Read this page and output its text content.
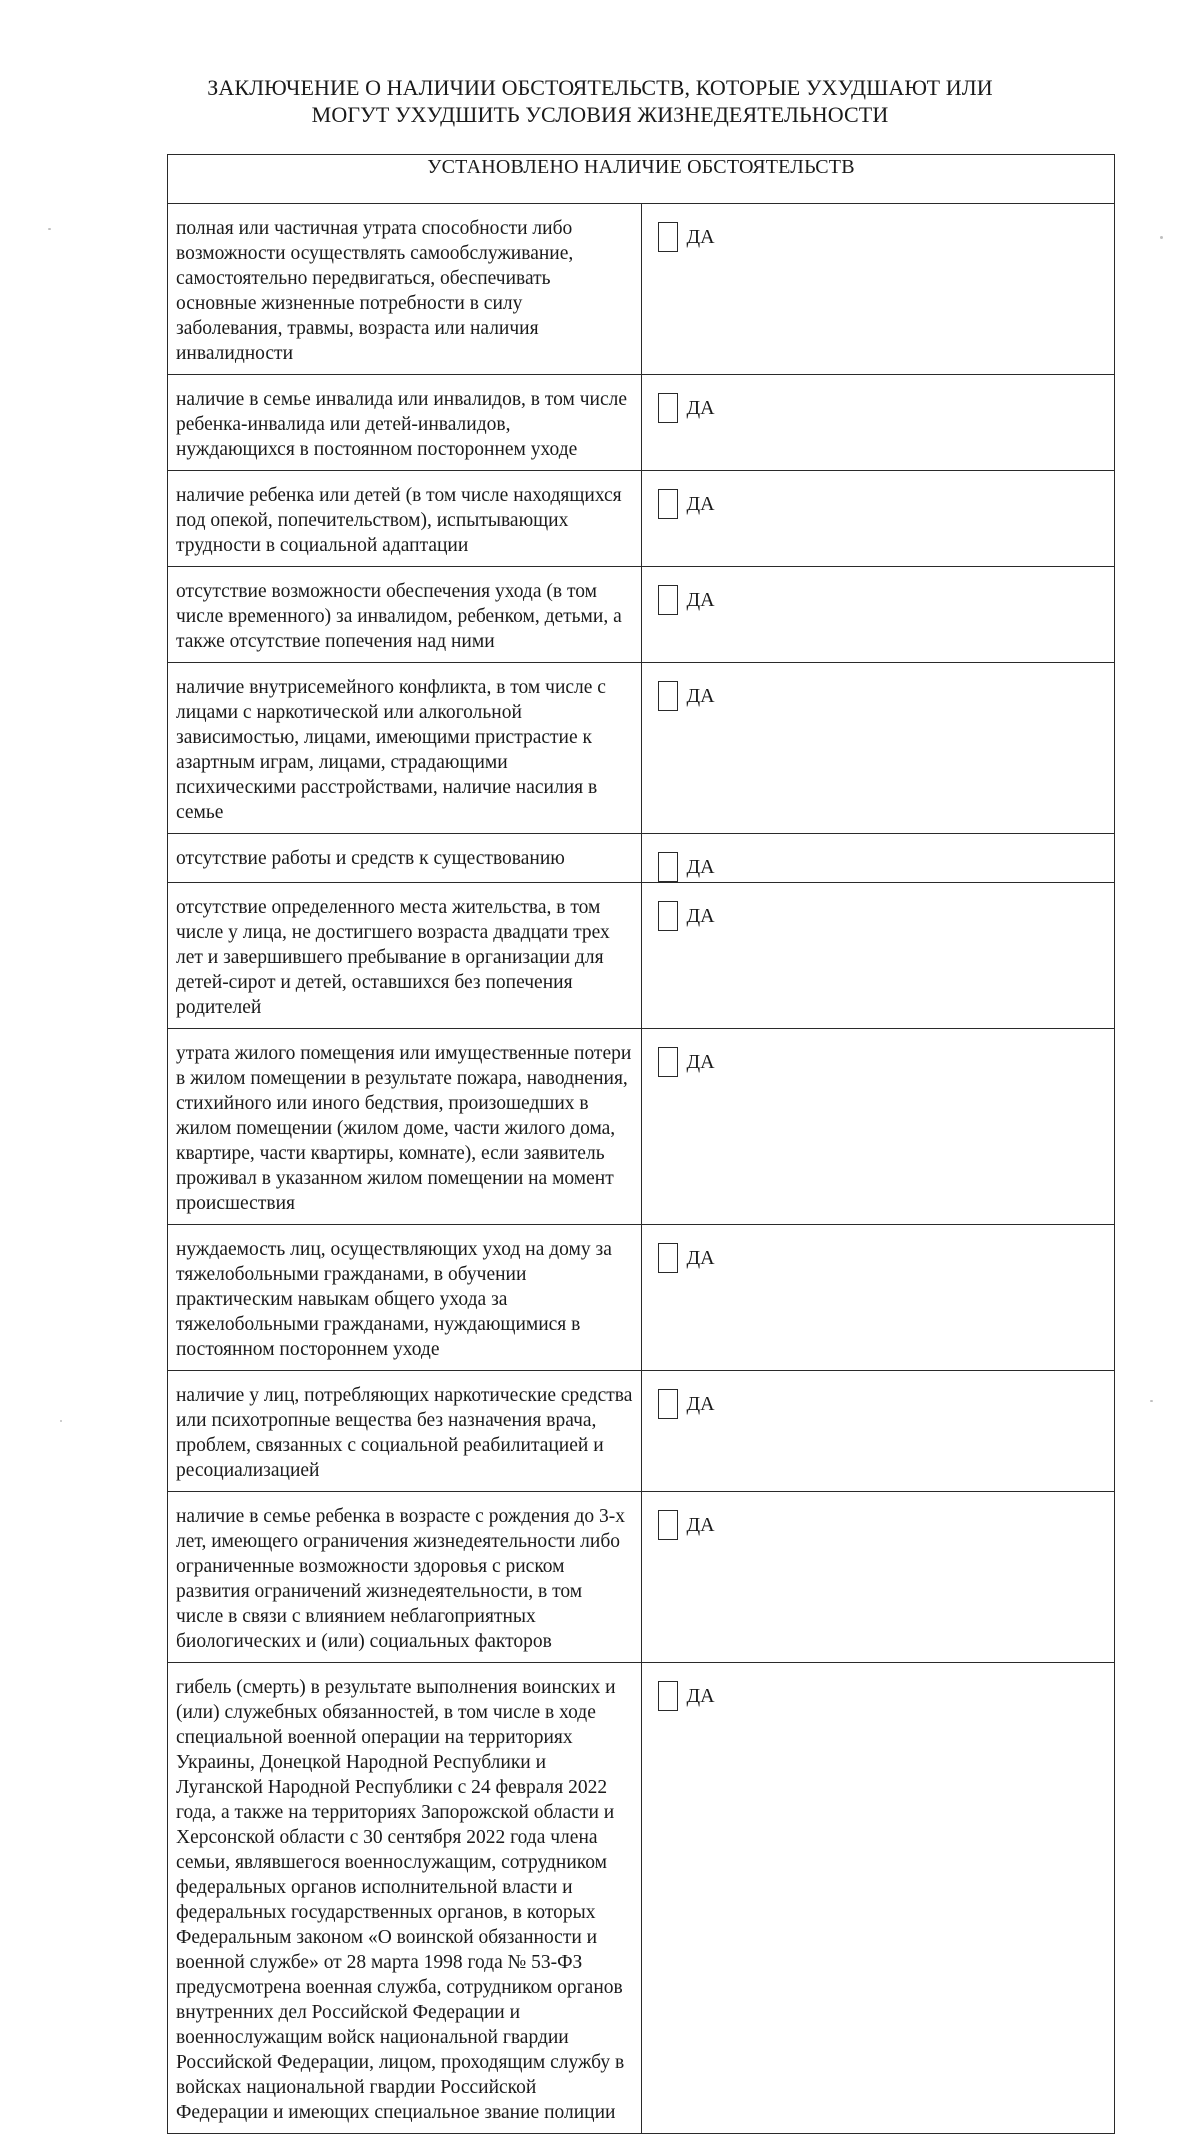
ЗАКЛЮЧЕНИЕ О НАЛИЧИИ ОБСТОЯТЕЛЬСТВ, КОТОРЫЕ УХУДШАЮТ ИЛИ
МОГУТ УХУДШИТЬ УСЛОВИЯ ЖИЗНЕДЕЯТЕЛЬНОСТИ
УСТАНОВЛЕНО НАЛИЧИЕ ОБСТОЯТЕЛЬСТВ	
полная или частичная утрата способности либо возможности осуществлять самообслуживание, самостоятельно передвигаться, обеспечивать основные жизненные потребности в силу заболевания, травмы, возраста или наличия инвалидности	ДА
наличие в семье инвалида или инвалидов, в том числе ребенка-инвалида или детей-инвалидов, нуждающихся в постоянном постороннем уходе	ДА
наличие ребенка или детей (в том числе находящихся под опекой, попечительством), испытывающих трудности в социальной адаптации	ДА
отсутствие возможности обеспечения ухода (в том числе временного) за инвалидом, ребенком, детьми, а также отсутствие попечения над ними	ДА
наличие внутрисемейного конфликта, в том числе с лицами с наркотической или алкогольной зависимостью, лицами, имеющими пристрастие к азартным играм, лицами, страдающими психическими расстройствами, наличие насилия в семье	ДА
отсутствие работы и средств к существованию	ДА
отсутствие определенного места жительства, в том числе у лица, не достигшего возраста двадцати трех лет и завершившего пребывание в организации для детей-сирот и детей, оставшихся без попечения родителей	ДА
утрата жилого помещения или имущественные потери в жилом помещении в результате пожара, наводнения, стихийного или иного бедствия, произошедших в жилом помещении (жилом доме, части жилого дома, квартире, части квартиры, комнате), если заявитель проживал в указанном жилом помещении на момент происшествия	ДА
нуждаемость лиц, осуществляющих уход на дому за тяжелобольными гражданами, в обучении практическим навыкам общего ухода за тяжелобольными гражданами, нуждающимися в постоянном постороннем уходе	ДА
наличие у лиц, потребляющих наркотические средства или психотропные вещества без назначения врача, проблем, связанных с социальной реабилитацией и ресоциализацией	ДА
наличие в семье ребенка в возрасте с рождения до 3-х лет, имеющего ограничения жизнедеятельности либо ограниченные возможности здоровья с риском развития ограничений жизнедеятельности, в том числе в связи с влиянием неблагоприятных биологических и (или) социальных факторов	ДА
гибель (смерть) в результате выполнения воинских и (или) служебных обязанностей, в том числе в ходе специальной военной операции на территориях Украины, Донецкой Народной Республики и Луганской Народной Республики с 24 февраля 2022 года, а также на территориях Запорожской области и Херсонской области с 30 сентября 2022 года члена семьи, являвшегося военнослужащим, сотрудником федеральных органов исполнительной власти и федеральных государственных органов, в которых Федеральным законом «О воинской обязанности и военной службе» от 28 марта 1998 года № 53-ФЗ предусмотрена военная служба, сотрудником органов внутренних дел Российской Федерации и военнослужащим войск национальной гвардии Российской Федерации, лицом, проходящим службу в войсках национальной гвардии Российской Федерации и имеющих специальное звание полиции	ДА
